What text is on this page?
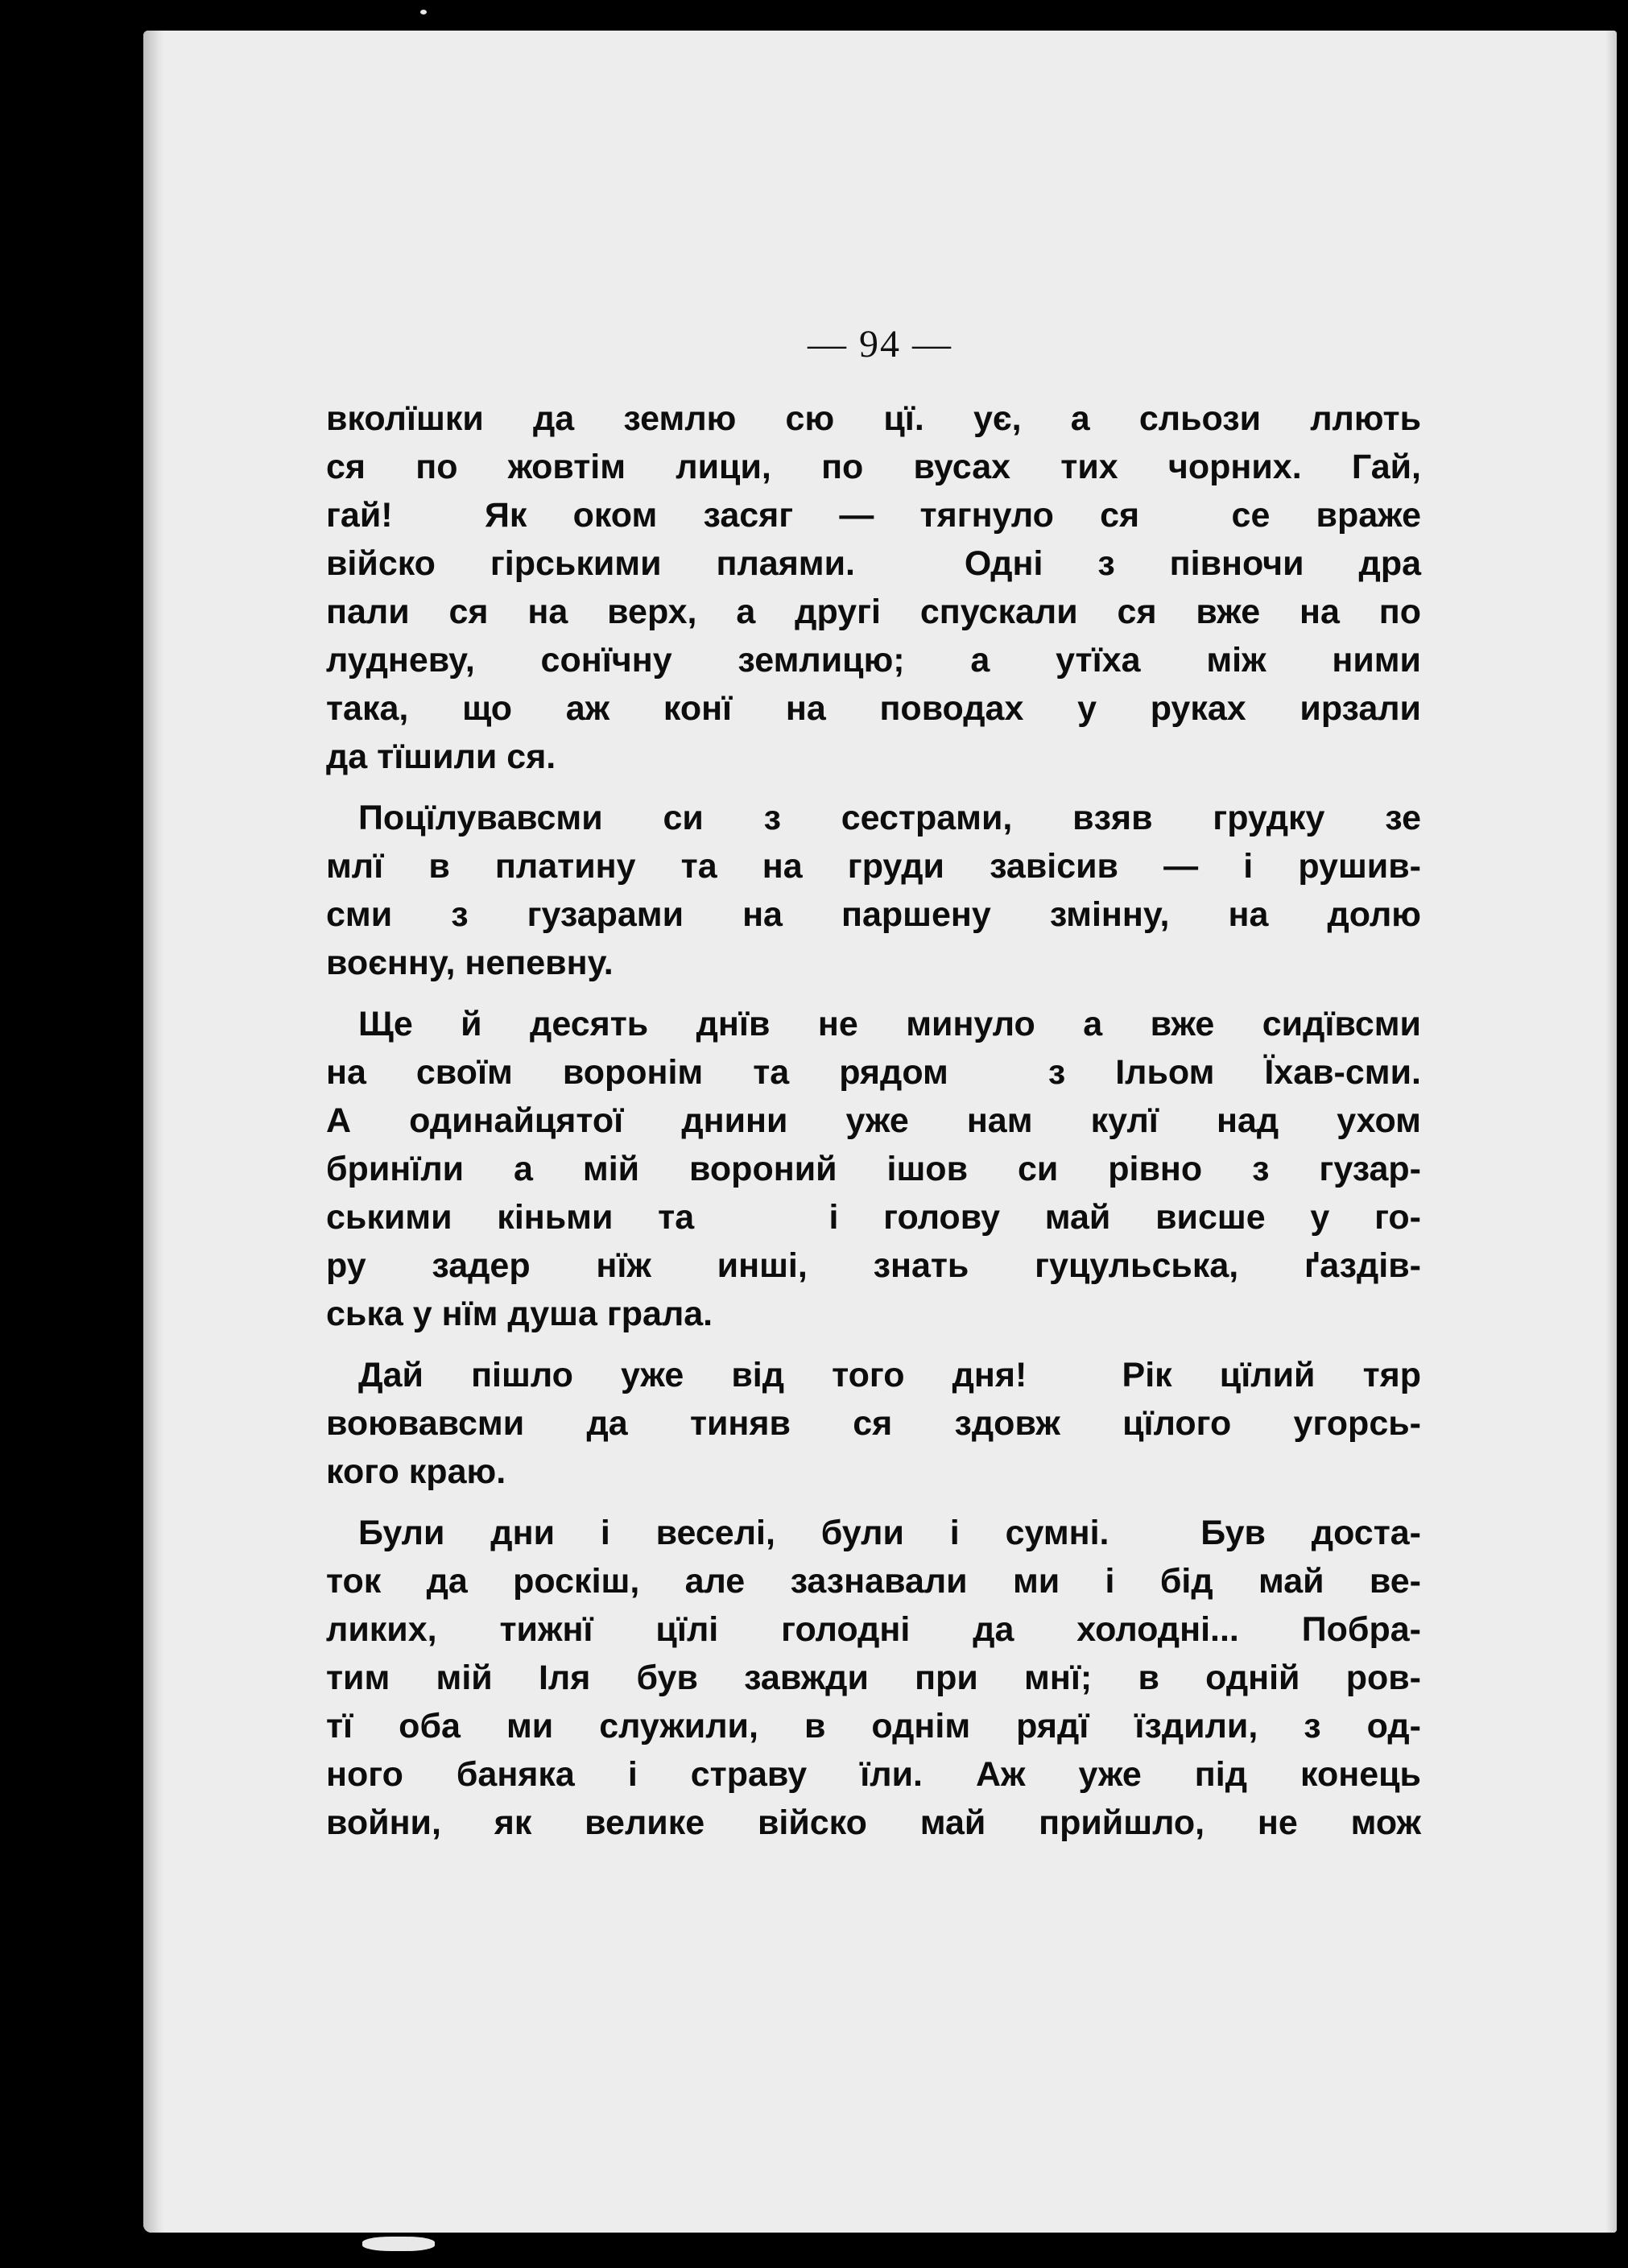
— 94 —
вколїшки да землю сю цї. ує, а сльози ллють
ся по жовтім лици, по вусах тих чорних. Гай,
гай!  Як оком засяг — тягнуло ся  се враже
війско гірськими плаями.  Одні з півночи дра
пали ся на верх, а другі спускали ся вже на по
лудневу, сонїчну землицю; а утїха між ними
така, що аж конї на поводах у руках ирзали
да тїшили ся.
Поцїлувавсми си з сестрами, взяв грудку зе
млї в платину та на груди завісив — і рушив-
сми з гузарами на паршену змінну, на долю
воєнну, непевну.
Ще й десять днїв не минуло а вже сидївсми
на своїм воронім та рядом  з Ільом Їхав-сми.
А одинайцятої днини уже нам кулї над ухом
бринїли а мій вороний ішов си рівно з гузар-
ськими кіньми та   і голову май висше у го-
ру задер нїж инші, знать гуцульська, ґаздів-
ська у нїм душа грала.
Дай пішло уже від того дня!  Рік цїлий тяр
воювавсми да тиняв ся здовж цїлого угорсь-
кого краю.
Були дни і веселі, були і сумні.  Був доста-
ток да роскіш, але зазнавали ми і бід май ве-
ликих, тижнї цїлі голодні да холодні... Побра-
тим мій Іля був завжди при мнї; в одній ров-
тї оба ми служили, в однім рядї їздили, з од-
ного баняка і страву їли. Аж уже під конець
войни, як велике війско май прийшло, не мож
